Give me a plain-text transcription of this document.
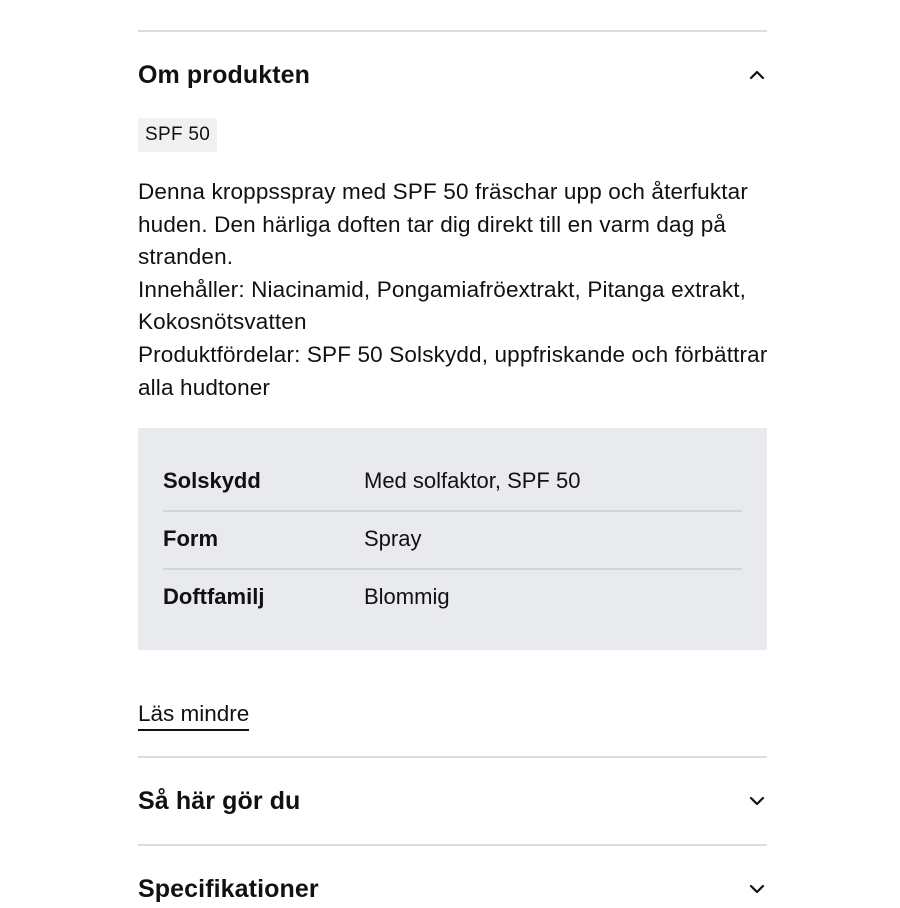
Om produkten
SPF 50
Denna kroppsspray med SPF 50 fräschar upp och återfuktar
huden. Den härliga doften tar dig direkt till en varm dag på
stranden.
Innehåller: Niacinamid, Pongamiafröextrakt, Pitanga extrakt,
Kokosnötsvatten
Produktfördelar: SPF 50 Solskydd, uppfriskande och förbättrar
alla hudtoner
Solskydd	Med solfaktor, SPF 50
Form	Spray
Doftfamilj	Blommig
Läs mindre
Så här gör du
Specifikationer
